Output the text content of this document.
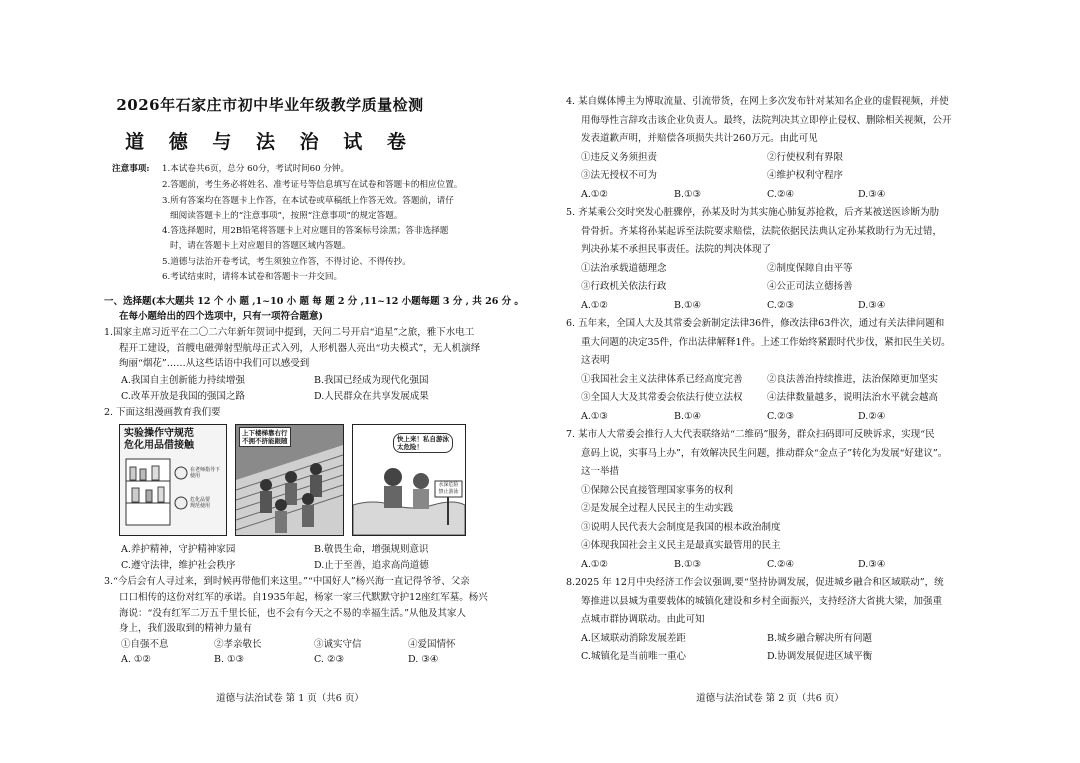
2026年石家庄市初中毕业年级教学质量检测
道 德 与 法 治 试 卷
注意事项: 1.本试卷共6页，总分 60分，考试时间60 分钟。
2.答题前，考生务必将姓名、准考证号等信息填写在试卷和答题卡的相应位置。
3.所有答案均在答题卡上作答，在本试卷或草稿纸上作答无效。答题前，请仔
细阅读答题卡上的“注意事项”，按照“注意事项”的规定答题。
4.答选择题时，用2B铅笔将答题卡上对应题目的答案标号涂黑；答非选择题
时，请在答题卡上对应题目的答题区域内答题。
5.道德与法治开卷考试，考生须独立作答，不得讨论、不得传抄。
6.考试结束时，请将本试卷和答题卡一并交回。
一、选择题(本大题共 12 个 小 题 ,1~10 小 题 每 题 2 分 ,11~12 小题每题 3 分 , 共 26 分 。
在每小题给出的四个选项中，只有一项符合题意)
1.国家主席习近平在二〇二六年新年贺词中提到，天问二号开启“追星”之旅，雅下水电工
程开工建设，首艘电磁弹射型航母正式入列，人形机器人亮出“功夫模式”，无人机演绎
绚丽“烟花”……从这些话语中我们可以感受到
A.我国自主创新能力持续增强	B.我国已经成为现代化强国
C.改革开放是我国的强国之路	D.人民群众在共享发展成果
2. 下面这组漫画教育我们要
实验操作守规范
危化用品借接触
在老师指导下
使用
危化品要
规范使用
上下楼梯靠右行
不拥不挤能跟随	快上来！私自游泳
太危险！
水深危险
禁止游泳
A.养护精神，守护精神家园	B.敬畏生命，增强规则意识
C.遵守法律，维护社会秩序	D.止于至善，追求高尚道德
3.“今后会有人寻过来，到时候再带他们来这里。”“中国好人”杨兴海一直记得爷爷、父亲
口口相传的这份对红军的承诺。自1935年起，杨家一家三代默默守护12座红军墓。杨兴
海说：“没有红军二万五千里长征，也不会有今天之不易的幸福生活。”从他及其家人
身上，我们汲取到的精神力量有
①自强不息	②孝亲敬长	③诚实守信	④爱国情怀
A. ①②	B. ①③	C. ②③	D. ③④
道德与法治试卷 第 1 页（共6 页）
4. 某自媒体博主为博取流量、引流带货，在网上多次发布针对某知名企业的虚假视频，并使
用侮辱性言辞攻击该企业负责人。最终，法院判决其立即停止侵权、删除相关视频，公开
发表道歉声明，并赔偿各项损失共计260万元。由此可见
①违反义务须担责	②行使权利有界限
③法无授权不可为	④维护权利守程序
A.①②	B.①③	C.②④	D.③④
5. 齐某乘公交时突发心脏骤停，孙某及时为其实施心肺复苏抢救，后齐某被送医诊断为肋
骨骨折。齐某将孙某起诉至法院要求赔偿，法院依据民法典认定孙某救助行为无过错，
判决孙某不承担民事责任。法院的判决体现了
①法治承载道德理念	②制度保障自由平等
③行政机关依法行政	④公正司法立德扬善
A.①②	B.①④	C.②③	D.③④
6. 五年来，全国人大及其常委会新制定法律36件，修改法律63件次，通过有关法律问题和
重大问题的决定35件，作出法律解释1件。上述工作始终紧跟时代步伐，紧扣民生关切。
这表明
①我国社会主义法律体系已经高度完善	②良法善治持续推进，法治保障更加坚实
③全国人大及其常委会依法行使立法权	④法律数量越多，说明法治水平就会越高
A.①③	B.①④	C.②③	D.②④
7. 某市人大常委会推行人大代表联络站“二维码”服务，群众扫码即可反映诉求，实现“民
意码上说，实事马上办”，有效解决民生问题，推动群众“金点子”转化为发展“好建议”。
这一举措
①保障公民直接管理国家事务的权利
②是发展全过程人民民主的生动实践
③说明人民代表大会制度是我国的根本政治制度
④体现我国社会主义民主是最真实最管用的民主
A.①②	B.①③	C.②④	D.③④
8.2025 年 12月中央经济工作会议强调,要“坚持协调发展，促进城乡融合和区域联动”，统
筹推进以县城为重要载体的城镇化建设和乡村全面振兴，支持经济大省挑大梁，加强重
点城市群协调联动。由此可知
A.区域联动消除发展差距	B.城乡融合解决所有问题
C.城镇化是当前唯一重心	D.协调发展促进区域平衡
道德与法治试卷 第 2 页（共6 页）
